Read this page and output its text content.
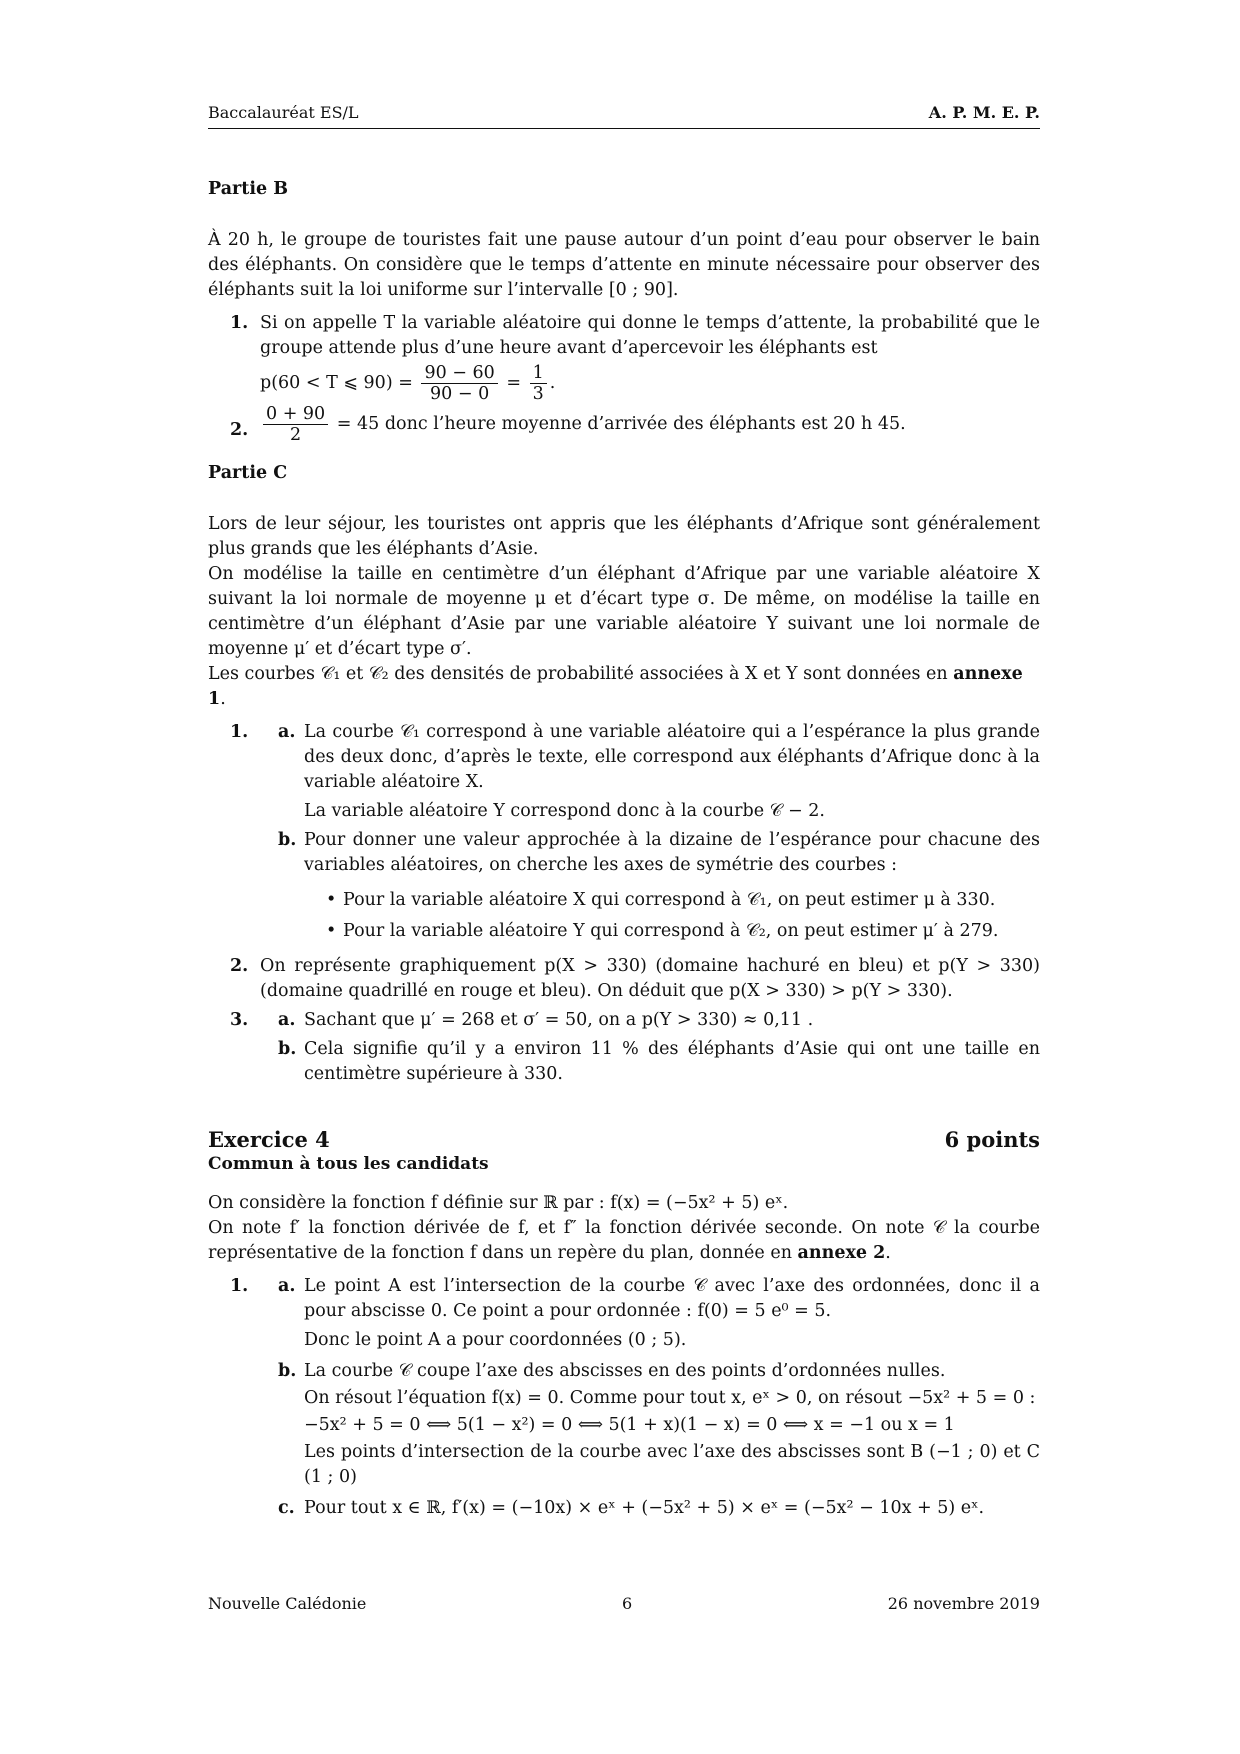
Baccalauréat ES/L	A. P. M. E. P.
Partie B

À 20 h, le groupe de touristes fait une pause autour d’un point d’eau pour observer le bain des éléphants. On considère que le temps d’attente en minute nécessaire pour observer des éléphants suit la loi uniforme sur l’intervalle [0 ; 90].

1. Si on appelle T la variable aléatoire qui donne le temps d’attente, la probabilité que le groupe attende plus d’une heure avant d’apercevoir les éléphants est

p(60 < T ⩽ $90) = \frac{90 - 60}{90 - 0} = \frac{1}{3}$ .

2. $\frac{0 + 90}{2} = 45$ donc l’heure moyenne d’arrivée des éléphants est 20 h 45.

Partie C

Lors de leur séjour, les touristes ont appris que les éléphants d’Afrique sont généralement plus grands que les éléphants d’Asie.

On modélise la taille en centimètre d’un éléphant d’Afrique par une variable aléatoire X suivant la loi normale de moyenne μ et d’écart type σ. De même, on modélise la taille en centimètre d’un éléphant d’Asie par une variable aléatoire Y suivant une loi normale de moyenne μ′ et d’écart type σ′.

Les courbes 𝒞₁ et 𝒞₂ des densités de probabilité associées à X et Y sont données en annexe 1.

1. a. La courbe 𝒞₁ correspond à une variable aléatoire qui a l’espérance la plus grande des deux donc, d’après le texte, elle correspond aux éléphants d’Afrique donc à la variable aléatoire X.

La variable aléatoire Y correspond donc à la courbe 𝒞 − 2.

b. Pour donner une valeur approchée à la dizaine de l’espérance pour chacune des variables aléatoires, on cherche les axes de symétrie des courbes :

• Pour la variable aléatoire X qui correspond à 𝒞₁, on peut estimer μ à 330.
• Pour la variable aléatoire Y qui correspond à 𝒞₂, on peut estimer μ′ à 279.
2. On représente graphiquement p(X > 330) (domaine hachuré en bleu) et p(Y > 330)(domaine quadrillé en rouge et bleu). On déduit que p(X > 330) > p(Y > 330).

3. a. Sachant que μ′ = 268 et σ′ = 50, on a p(Y > 330) ≈ 0,11 .

b. Cela signifie qu’il y a environ 11 % des éléphants d’Asie qui ont une taille en centimètre supérieure à 330.

Exercice 4	6 points
Commun à tous les candidats

On considère la fonction f définie sur ℝ par : f(x) = (−5x² + 5) eˣ.

On note f′ la fonction dérivée de f, et f″ la fonction dérivée seconde. On note 𝒞 la courbe représentative de la fonction f dans un repère du plan, donnée en annexe 2.

1. a. Le point A est l’intersection de la courbe 𝒞 avec l’axe des ordonnées, donc il a pour abscisse 0. Ce point a pour ordonnée : f(0) = 5 e⁰ = 5.

Donc le point A a pour coordonnées (0 ; 5).

b. La courbe 𝒞 coupe l’axe des abscisses en des points d’ordonnées nulles.

On résout l’équation f(x) = 0. Comme pour tout x, eˣ > 0, on résout −5x² + 5 = 0 :

−5x² + 5 = 0 ⟺ 5(1 − x²) = 0 ⟺ 5(1 + x)(1 − x) = 0 ⟺ x = −1 ou x = 1

Les points d’intersection de la courbe avec l’axe des abscisses sont B (−1 ; 0) et C (1 ; 0)

c. Pour tout x ∈ ℝ, f′(x) = (−10x) × eˣ + (−5x² + 5) × eˣ = (−5x² − 10x + 5) eˣ.

Nouvelle Calédonie	6	26 novembre 2019
